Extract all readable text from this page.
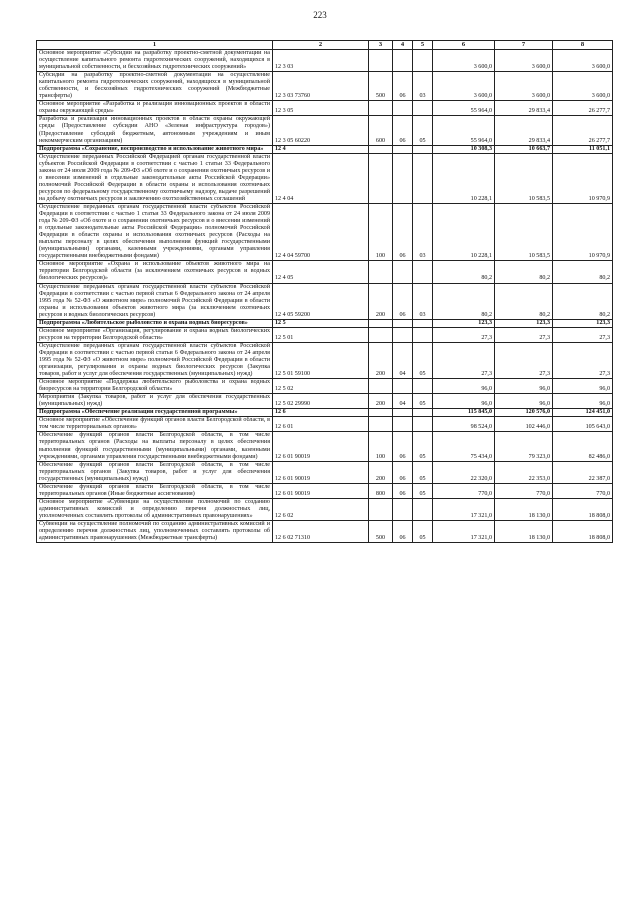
223
1	2	3	4	5	6	7	8
Основное мероприятие «Субсидии на разработку проектно-сметной документации на осуществление капитального ремонта гидротехнических сооружений, находящихся в муниципальной собственности, и бесхозяйных гидротехнических сооружений»	12 3 03				3 600,0	3 600,0	3 600,0
Субсидии на разработку проектно-сметной документации на осуществление капитального ремонта гидротехнических сооружений, находящихся в муниципальной собственности, и бесхозяйных гидротехнических сооружений (Межбюджетные трансферты)	12 3 03 73760	500	06	03	3 600,0	3 600,0	3 600,0
Основное мероприятие «Разработка и реализация инновационных проектов в области охраны окружающей среды»	12 3 05				55 964,0	29 833,4	26 277,7
Разработка и реализация инновационных проектов в области охраны окружающей среды (Предоставление субсидии АНО «Зеленая инфраструктура городов») (Предоставление субсидий бюджетным, автономным учреждениям и иным некоммерческим организациям)	12 3 05 60220	600	06	05	55 964,0	29 833,4	26 277,7
Подпрограмма «Сохранение, воспроизводство и использование животного мира»	12 4				10 308,3	10 663,7	11 051,1
Осуществление переданных Российской Федерацией органам государственной власти субъектов Российской Федерации в соответствии с частью 1 статьи 33 Федерального закона от 24 июля 2009 года № 209-ФЗ «Об охоте и о сохранении охотничьих ресурсов и о внесении изменений в отдельные законодательные акты Российской Федерации» полномочий Российской Федерации в области охраны и использования охотничьих ресурсов по федеральному государственному охотничьему надзору, выдаче разрешений на добычу охотничьих ресурсов и заключению охотхозяйственных соглашений	12 4 04				10 228,1	10 583,5	10 970,9
Осуществление переданных органам государственной власти субъектов Российской Федерации в соответствии с частью 1 статьи 33 Федерального закона от 24 июля 2009 года № 209-ФЗ «Об охоте и о сохранении охотничьих ресурсов и о внесении изменений в отдельные законодательные акты Российской Федерации» полномочий Российской Федерации в области охраны и использования охотничьих ресурсов (Расходы на выплаты персоналу в целях обеспечения выполнения функций государственными (муниципальными) органами, казенными учреждениями, органами управления государственными внебюджетными фондами)	12 4 04 59700	100	06	03	10 228,1	10 583,5	10 970,9
Основное мероприятие «Охрана и использование объектов животного мира на территории Белгородской области (за исключением охотничьих ресурсов и водных биологических ресурсов)»	12 4 05				80,2	80,2	80,2
Осуществление переданных органам государственной власти субъектов Российской Федерации в соответствии с частью первой статьи 6 Федерального закона от 24 апреля 1995 года № 52-ФЗ «О животном мире» полномочий Российской Федерации в области охраны и использования объектов животного мира (за исключением охотничьих ресурсов и водных биологических ресурсов)	12 4 05 59200	200	06	03	80,2	80,2	80,2
Подпрограмма «Любительское рыболовство и охрана водных биоресурсов»	12 5				123,3	123,3	123,3
Основное мероприятие «Организация, регулирование и охрана водных биологических ресурсов на территории Белгородской области»	12 5 01				27,3	27,3	27,3
Осуществление переданных органам государственной власти субъектов Российской Федерации в соответствии с частью первой статьи 6 Федерального закона от 24 апреля 1995 года № 52-ФЗ «О животном мире» полномочий Российской Федерации в области организации, регулирования и охраны водных биологических ресурсов (Закупка товаров, работ и услуг для обеспечения государственных (муниципальных) нужд)	12 5 01 59100	200	04	05	27,3	27,3	27,3
Основное мероприятие «Поддержка любительского рыболовства и охрана водных биоресурсов на территории Белгородской области»	12 5 02				96,0	96,0	96,0
Мероприятия (Закупка товаров, работ и услуг для обеспечения государственных (муниципальных) нужд)	12 5 02 29990	200	04	05	96,0	96,0	96,0
Подпрограмма «Обеспечение реализации государственной программы»	12 6				115 845,0	120 576,0	124 451,0
Основное мероприятие «Обеспечение функций органов власти Белгородской области, в том числе территориальных органов»	12 6 01				98 524,0	102 446,0	105 643,0
Обеспечение функций органов власти Белгородской области, в том числе территориальных органов (Расходы на выплаты персоналу в целях обеспечения выполнения функций государственными (муниципальными) органами, казенными учреждениями, органами управления государственными внебюджетными фондами)	12 6 01 90019	100	06	05	75 434,0	79 323,0	82 486,0
Обеспечение функций органов власти Белгородской области, в том числе территориальных органов (Закупка товаров, работ и услуг для обеспечения государственных (муниципальных) нужд)	12 6 01 90019	200	06	05	22 320,0	22 353,0	22 387,0
Обеспечение функций органов власти Белгородской области, в том числе территориальных органов (Иные бюджетные ассигнования)	12 6 01 90019	800	06	05	770,0	770,0	770,0
Основное мероприятие «Субвенции на осуществление полномочий по созданию административных комиссий и определению перечня должностных лиц, уполномоченных составлять протоколы об административных правонарушениях»	12 6 02				17 321,0	18 130,0	18 808,0
Субвенции на осуществление полномочий по созданию административных комиссий и определению перечня должностных лиц, уполномоченных составлять протоколы об административных правонарушениях (Межбюджетные трансферты)	12 6 02 71310	500	06	05	17 321,0	18 130,0	18 808,0
